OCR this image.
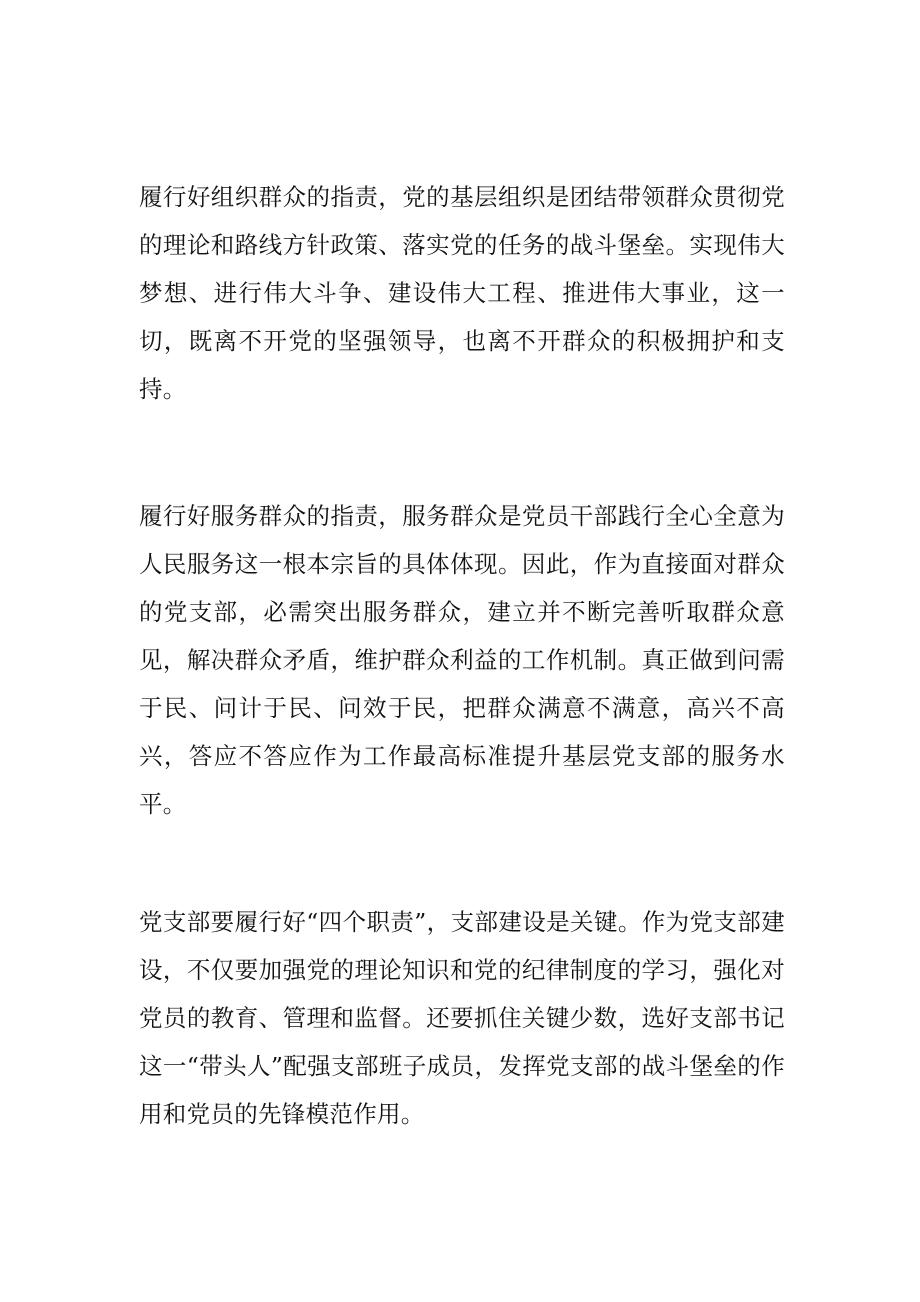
履行好组织群众的指责，党的基层组织是团结带领群众贯彻党的理论和路线方针政策、落实党的任务的战斗堡垒。实现伟大梦想、进行伟大斗争、建设伟大工程、推进伟大事业，这一切，既离不开党的坚强领导，也离不开群众的积极拥护和支持。

履行好服务群众的指责，服务群众是党员干部践行全心全意为人民服务这一根本宗旨的具体体现。因此，作为直接面对群众的党支部，必需突出服务群众，建立并不断完善听取群众意见，解决群众矛盾，维护群众利益的工作机制。真正做到问需于民、问计于民、问效于民，把群众满意不满意，高兴不高兴，答应不答应作为工作最高标准提升基层党支部的服务水平。

党支部要履行好“四个职责”，支部建设是关键。作为党支部建设，不仅要加强党的理论知识和党的纪律制度的学习，强化对党员的教育、管理和监督。还要抓住关键少数，选好支部书记这一“带头人”配强支部班子成员，发挥党支部的战斗堡垒的作用和党员的先锋模范作用。
